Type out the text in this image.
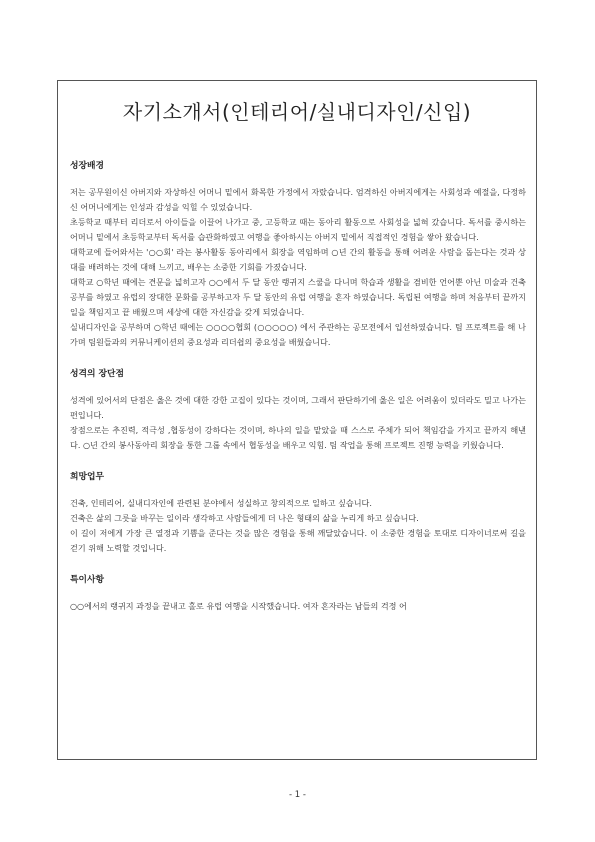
자기소개서(인테리어/실내디자인/신입)

성장배경

저는 공무원이신 아버지와 자상하신 어머니 밑에서 화목한 가정에서 자랐습니다. 엄격하신 아버지에게는 사회성과 예절을, 다정하신 어머니에게는 인성과 감성을 익힐 수 있었습니다.

초등학교 때부터 리더로서 아이들을 이끌어 나가고 중, 고등학교 때는 동아리 활동으로 사회성을 넓혀 갔습니다. 독서를 중시하는 어머니 밑에서 초등학교부터 독서를 습관화하였고 여행을 좋아하시는 아버지 밑에서 직접적인 경험을 쌓아 왔습니다.

대학교에 들어와서는 '○○회' 라는 봉사활동 동아리에서 회장을 역임하며 ○년 간의 활동을 통해 어려운 사람을 돕는다는 것과 상대를 배려하는 것에 대해 느끼고, 배우는 소중한 기회를 가졌습니다.

대학교 ○학년 때에는 견문을 넓히고자 ○○에서 두 달 동안 랭귀지 스쿨을 다니며 학습과 생활을 겸비한 언어뿐 아닌 미술과 건축 공부를 하였고 유럽의 장대한 문화를 공부하고자 두 달 동안의 유럽 여행을 혼자 하였습니다. 독립된 여행을 하며 처음부터 끝까지 일을 책임지고 끝 배웠으며 세상에 대한 자신감을 갖게 되었습니다.

실내디자인을 공부하며 ○학년 때에는 ○○○○협회 (○○○○○) 에서 주관하는 공모전에서 입선하였습니다. 팀 프로젝트를 해 나가며 팀원들과의 커뮤니케이션의 중요성과 리더쉽의 중요성을 배웠습니다.

성격의 장단점

성격에 있어서의 단점은 옳은 것에 대한 강한 고집이 있다는 것이며, 그래서 판단하기에 옳은 일은 어려움이 있더라도 밀고 나가는 편입니다.

장점으로는 추진력, 적극성 ,협동성이 강하다는 것이며, 하나의 일을 맡았을 때 스스로 주체가 되어 책임감을 가지고 끝까지 해낸다. ○년 간의 봉사동아리 회장을 통한 그룹 속에서 협동성을 배우고 익힘. 팀 작업을 통해 프로젝트 진행 능력을 키웠습니다.

희망업무

건축, 인테리어, 실내디자인에 관련된 분야에서 성실하고 창의적으로 일하고 싶습니다.

건축은 삶의 그릇을 바꾸는 일이라 생각하고 사람들에게 더 나은 형태의 삶을 누리게 하고 싶습니다.

이 길이 저에게 가장 큰 열정과 기쁨을 준다는 것을 많은 경험을 통해 깨달았습니다. 이 소중한 경험을 토대로 디자이너로써 길을 걷기 위해 노력할 것입니다.

특이사항

○○에서의 랭귀지 과정을 끝내고 홀로 유럽 여행을 시작했습니다. 여자 혼자라는 남들의 걱정 어

- 1 -
